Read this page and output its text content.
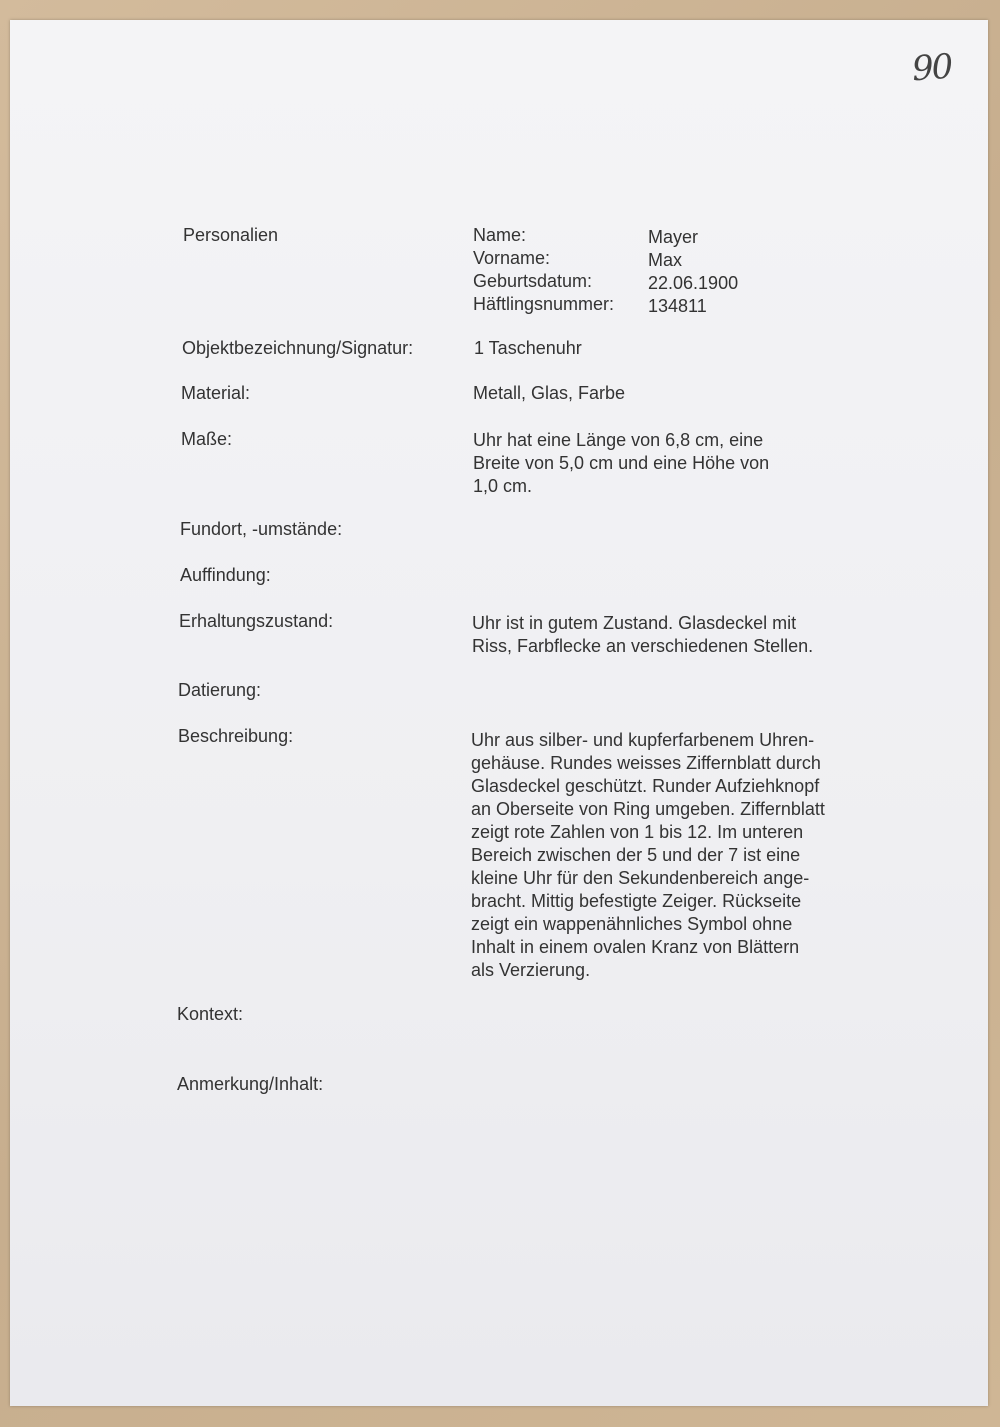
90
Personalien	Name:	Mayer
Vorname:	Max
Geburtsdatum:	22.06.1900
Häftlingsnummer:	134811
Objektbezeichnung/Signatur:	1 Taschenuhr
Material:	Metall, Glas, Farbe
Maße:	Uhr hat eine Länge von 6,8 cm, eine
Breite von 5,0 cm und eine Höhe von
1,0 cm.
Fundort, -umstände:
Auffindung:
Erhaltungszustand:	Uhr ist in gutem Zustand. Glasdeckel mit
Riss, Farbflecke an verschiedenen Stellen.
Datierung:
Beschreibung:	Uhr aus silber- und kupferfarbenem Uhren-
gehäuse. Rundes weisses Ziffernblatt durch
Glasdeckel geschützt. Runder Aufziehknopf
an Oberseite von Ring umgeben. Ziffernblatt
zeigt rote Zahlen von 1 bis 12. Im unteren
Bereich zwischen der 5 und der 7 ist eine
kleine Uhr für den Sekundenbereich ange-
bracht. Mittig befestigte Zeiger. Rückseite
zeigt ein wappenähnliches Symbol ohne
Inhalt in einem ovalen Kranz von Blättern
als Verzierung.
Kontext:
Anmerkung/Inhalt:
